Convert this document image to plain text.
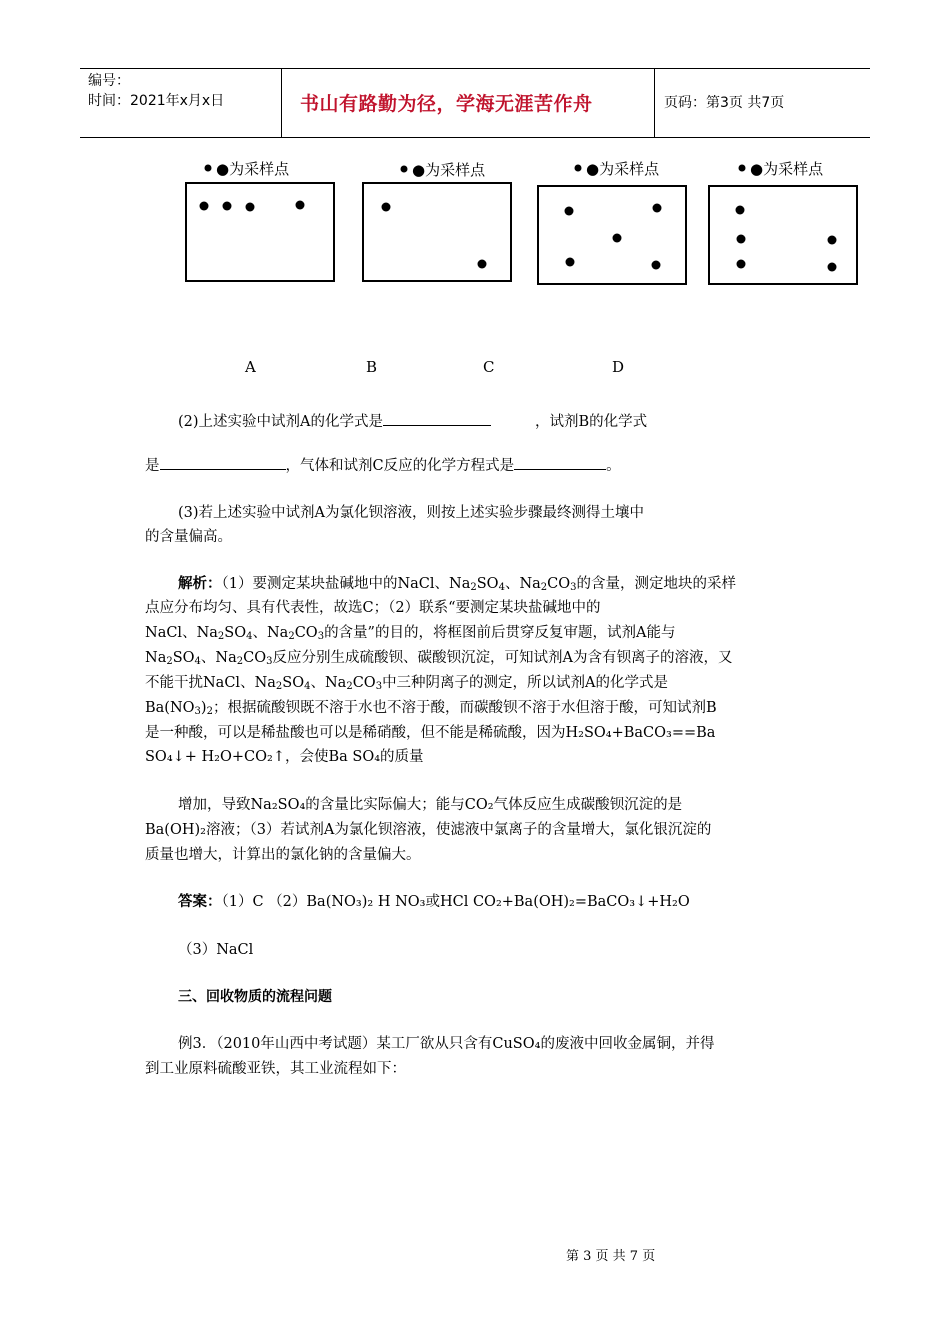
编号：
时间：2021年x月x日	书山有路勤为径，学海无涯苦作舟	页码：第3页 共7页
●为采样点	●为采样点	●为采样点	●为采样点
A	B	C	D
(2)上述实验中试剂A的化学式是	，试剂B的化学式
是	，气体和试剂C反应的化学方程式是	。
(3)若上述实验中试剂A为氯化钡溶液，则按上述实验步骤最终测得土壤中
的含量偏高。
解析：（1）要测定某块盐碱地中的NaCl、$Na_2SO_4$、$Na_2CO_3$的含量，测定地块的采样
点应分布均匀、具有代表性，故选C；（2）联系“要测定某块盐碱地中的
NaCl、$Na_2SO_4$、$Na_2CO_3$的含量”的目的，将框图前后贯穿反复审题，试剂A能与
$Na_2SO_4$、$Na_2CO_3$反应分别生成硫酸钡、碳酸钡沉淀，可知试剂A为含有钡离子的溶液，又
不能干扰NaCl、$Na_2SO_4$、$Na_2CO_3$中三种阴离子的测定，所以试剂A的化学式是
$Ba(NO_3)_2$；根据硫酸钡既不溶于水也不溶于酸，而碳酸钡不溶于水但溶于酸，可知试剂B
是一种酸，可以是稀盐酸也可以是稀硝酸，但不能是稀硫酸，因为H₂SO₄+BaCO₃==Ba
SO₄↓+ H₂O+CO₂↑，会使Ba SO₄的质量
增加，导致Na₂SO₄的含量比实际偏大；能与CO₂气体反应生成碳酸钡沉淀的是
Ba(OH)₂溶液；（3）若试剂A为氯化钡溶液，使滤液中氯离子的含量增大，氯化银沉淀的
质量也增大，计算出的氯化钠的含量偏大。
答案：（1）C （2）Ba(NO₃)₂ H NO₃或HCl CO₂+Ba(OH)₂=BaCO₃↓+H₂O
（3）NaCl
三、回收物质的流程问题
例3．（2010年山西中考试题）某工厂欲从只含有CuSO₄的废液中回收金属铜，并得
到工业原料硫酸亚铁，其工业流程如下：
第 3 页 共 7 页
